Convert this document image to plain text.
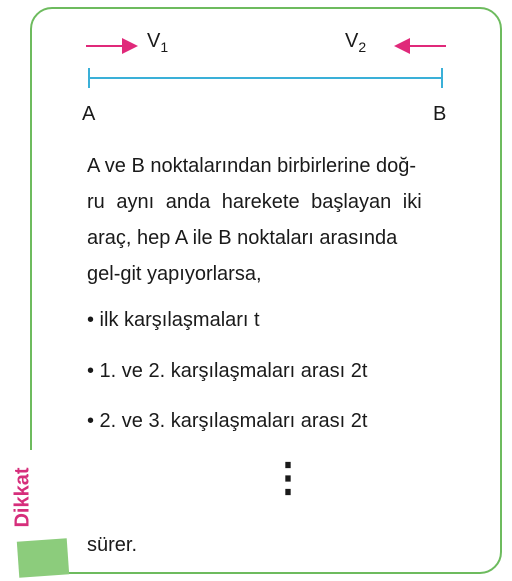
$V_1$	$V_2$
A	B
A ve B noktalarından birbirlerine doğ-
ru aynı anda harekete başlayan iki
araç, hep A ile B noktaları arasında
gel-git yapıyorlarsa,
• ilk karşılaşmaları t
• 1. ve 2. karşılaşmaları arası 2t
• 2. ve 3. karşılaşmaları arası 2t
⋮
sürer.
Dikkat
